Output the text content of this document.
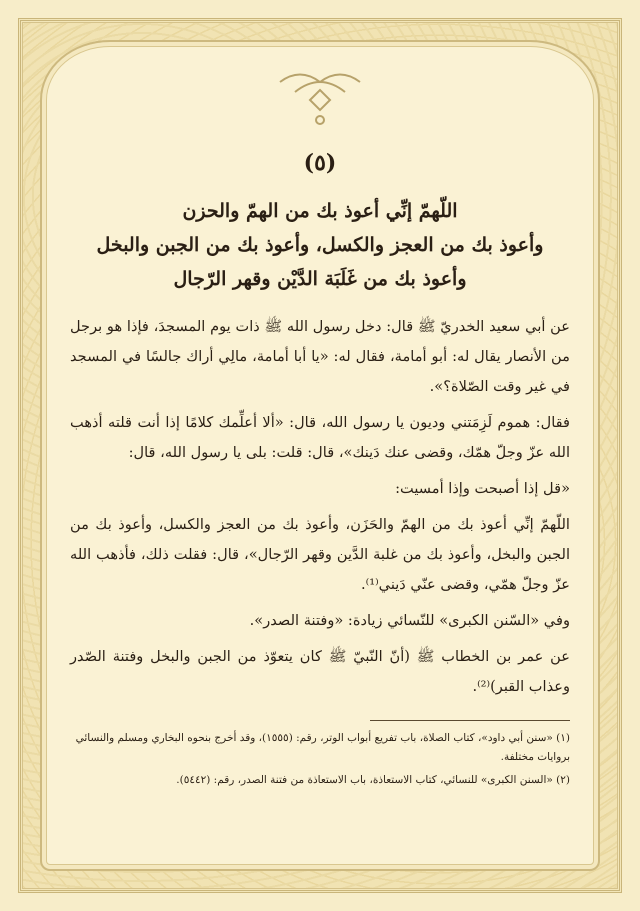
(٥)
اللّهمّ إنِّي أعوذ بك من الهمّ والحزن
وأعوذ بك من العجز والكسل، وأعوذ بك من الجبن والبخل
وأعوذ بك من غَلَبَة الدَّيْن وقهر الرّجال

عن أبي سعيد الخدريّ ﷺ قال: دخل رسول الله ﷺ ذات يوم المسجدَ، فإذا هو برجل من الأنصار يقال له: أبو أمامة، فقال له: «يا أبا أمامة، مالِي أراك جالسًا في المسجد في غير وقت الصّلاة؟».

فقال: هموم لَزِمَتني وديون يا رسول الله، قال: «ألا أعلِّمك كلامًا إذا أنت قلته أذهب الله عزّ وجلّ همّك، وقضى عنك دَينك»، قال: قلت: بلى يا رسول الله، قال:

«قل إذا أصبحت وإذا أمسيت:

اللّهمّ إنِّي أعوذ بك من الهمّ والحَزَن، وأعوذ بك من العجز والكسل، وأعوذ بك من الجبن والبخل، وأعوذ بك من غلبة الدَّين وقهر الرّجال»، قال: فقلت ذلك، فأذهب الله عزّ وجلّ همّي، وقضى عنّي دَيني⁽¹⁾.

وفي «السّنن الكبرى» للنّسائي زيادة: «وفتنة الصدر».

عن عمر بن الخطاب ﷺ (أنّ النّبيّ ﷺ كان يتعوّذ من الجبن والبخل وفتنة الصّدر وعذاب القبر)⁽²⁾.

(١) «سنن أبي داود»، كتاب الصلاة، باب تفريع أبواب الوتر، رقم: (١٥٥٥)، وقد أخرج بنحوه البخاري ومسلم والنسائي بروايات مختلفة.
(٢) «السنن الكبرى» للنسائي، كتاب الاستعاذة، باب الاستعاذة من فتنة الصدر، رقم: (٥٤٤٢).
